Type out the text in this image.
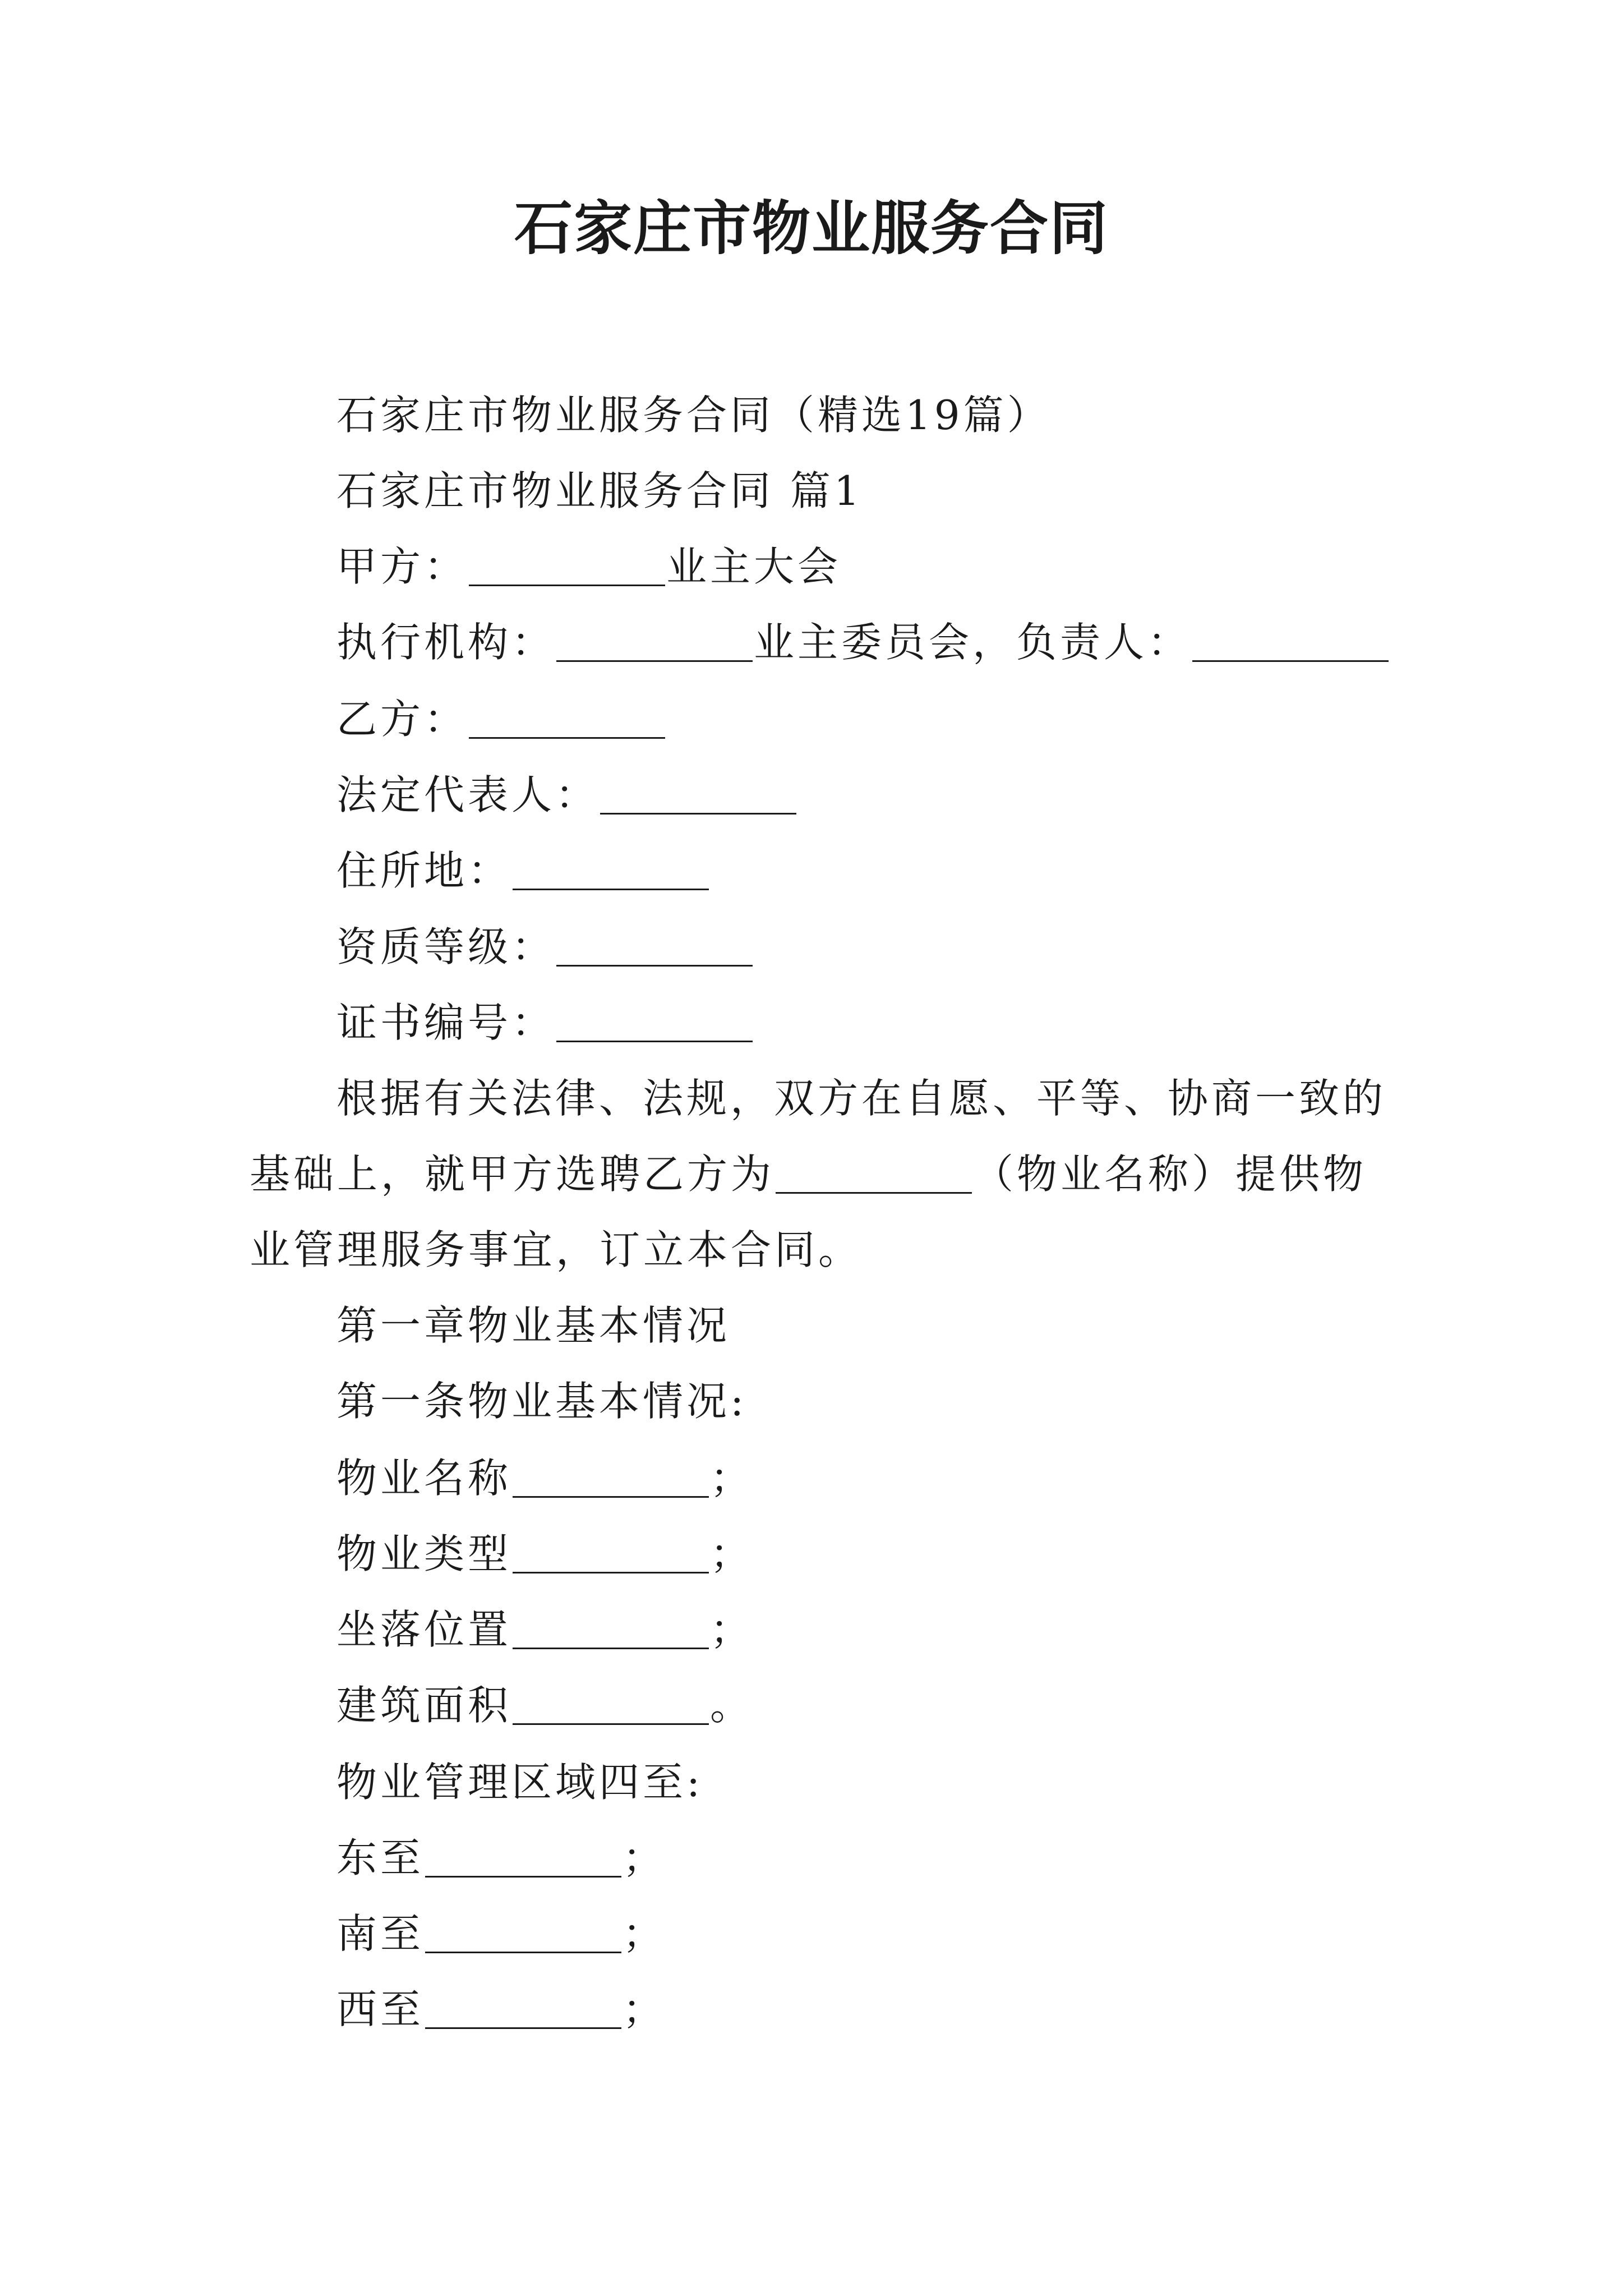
石家庄市物业服务合同
石家庄市物业服务合同（精选19篇）
石家庄市物业服务合同 篇1
甲方：	业主大会
执行机构：	业主委员会，负责人：
乙方：
法定代表人：
住所地：
资质等级：
证书编号：
根据有关法律、法规，双方在自愿、平等、协商一致的
基础上，就甲方选聘乙方为	（物业名称）提供物
业管理服务事宜，订立本合同。
第一章物业基本情况
第一条物业基本情况:
物业名称	；
物业类型	；
坐落位置	；
建筑面积	。
物业管理区域四至:
东至	；
南至	；
西至	；
